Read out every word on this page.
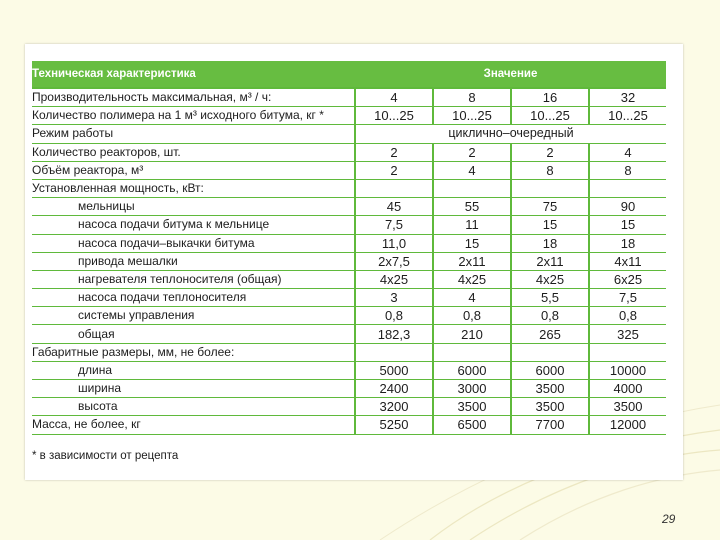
Техническая характеристика	Значение			
Производительность максимальная, м³ / ч:	4	8	16	32
Количество полимера на 1 м³ исходного битума, кг *	10...25	10...25	10...25	10...25
Режим работы	циклично–очередный			
Количество реакторов, шт.	2	2	2	4
Объём реактора, м³	2	4	8	8
Установленная мощность, кВт:				
мельницы	45	55	75	90
насоса подачи битума к мельнице	7,5	11	15	15
насоса подачи–выкачки битума	11,0	15	18	18
привода мешалки	2х7,5	2х11	2х11	4х11
нагревателя теплоносителя (общая)	4х25	4х25	4х25	6х25
насоса подачи теплоносителя	3	4	5,5	7,5
системы управления	0,8	0,8	0,8	0,8
общая	182,3	210	265	325
Габаритные размеры, мм, не более:				
длина	5000	6000	6000	10000
ширина	2400	3000	3500	4000
высота	3200	3500	3500	3500
Масса, не более, кг	5250	6500	7700	12000
* в зависимости от рецепта
29
